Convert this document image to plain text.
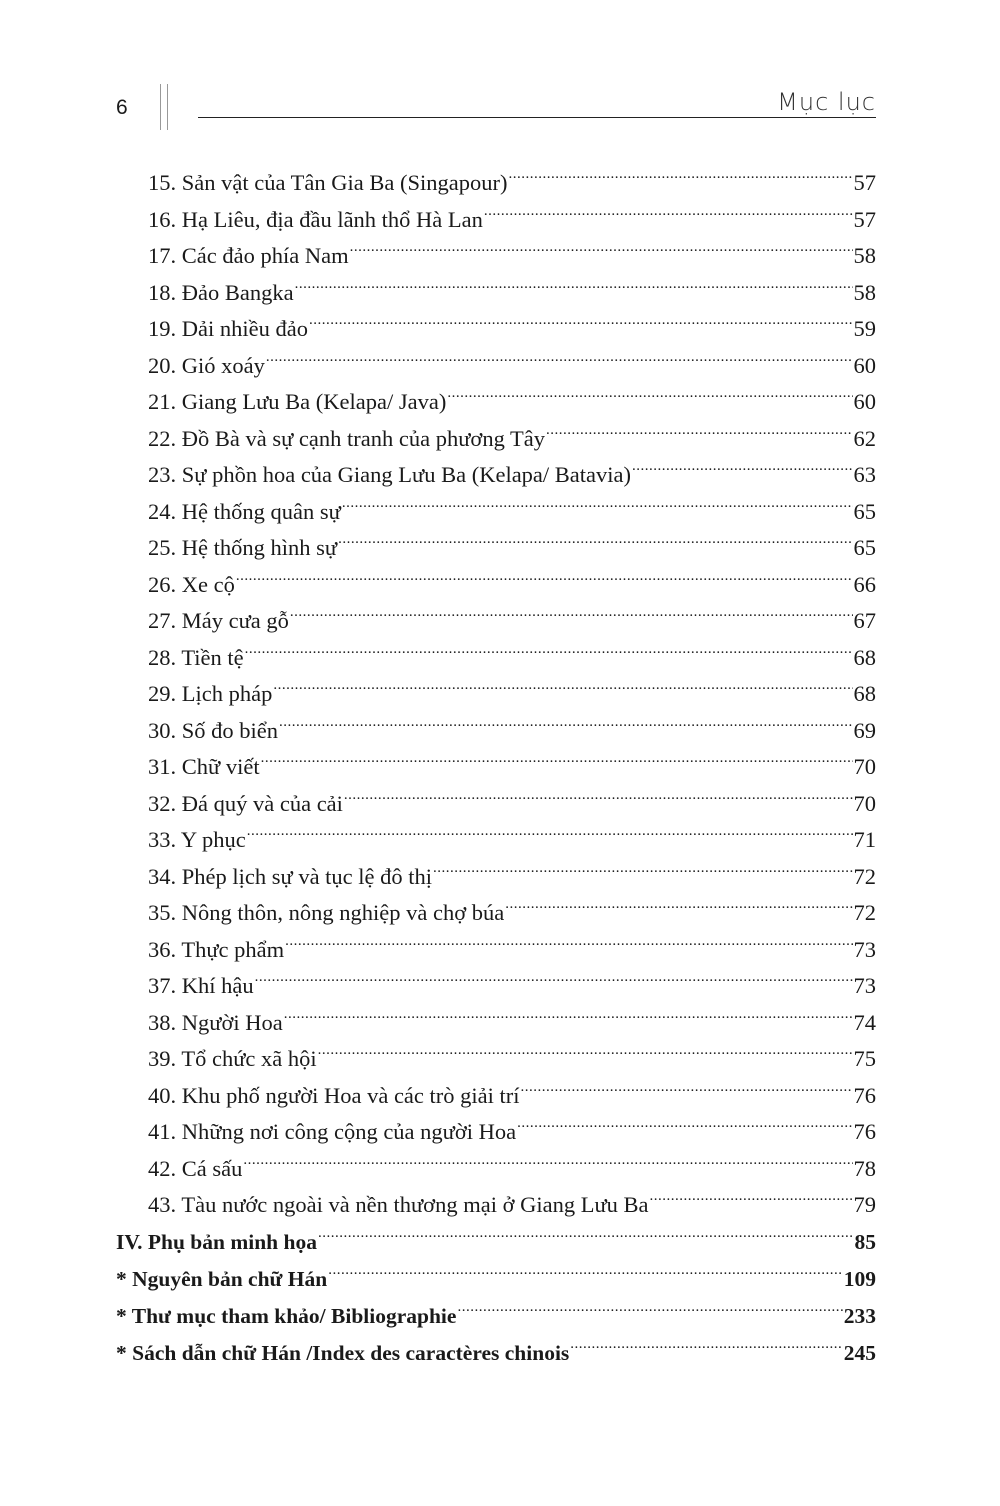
6	Mục lục
15. Sản vật của Tân Gia Ba (Singapour) .....	57
16. Hạ Liêu, địa đầu lãnh thổ Hà Lan .....	57
17. Các đảo phía Nam .....	58
18. Đảo Bangka .....	58
19. Dải nhiều đảo .....	59
20. Gió xoáy .....	60
21. Giang Lưu Ba (Kelapa/ Java) .....	60
22. Đồ Bà và sự cạnh tranh của phương Tây .....	62
23. Sự phồn hoa của Giang Lưu Ba (Kelapa/ Batavia) .....	63
24. Hệ thống quân sự .....	65
25. Hệ thống hình sự .....	65
26. Xe cộ .....	66
27. Máy cưa gỗ .....	67
28. Tiền tệ .....	68
29. Lịch pháp .....	68
30. Số đo biển .....	69
31. Chữ viết .....	70
32. Đá quý và của cải .....	70
33. Y phục .....	71
34. Phép lịch sự và tục lệ đô thị .....	72
35. Nông thôn, nông nghiệp và chợ búa .....	72
36. Thực phẩm .....	73
37. Khí hậu .....	73
38. Người Hoa .....	74
39. Tổ chức xã hội .....	75
40. Khu phố người Hoa và các trò giải trí .....	76
41. Những nơi công cộng của người Hoa .....	76
42. Cá sấu .....	78
43. Tàu nước ngoài và nền thương mại ở Giang Lưu Ba .....	79
IV. Phụ bản minh họa .....	85
* Nguyên bản chữ Hán .....	109
* Thư mục tham khảo/ Bibliographie .....	233
* Sách dẫn chữ Hán /Index des caractères chinois .....	245
